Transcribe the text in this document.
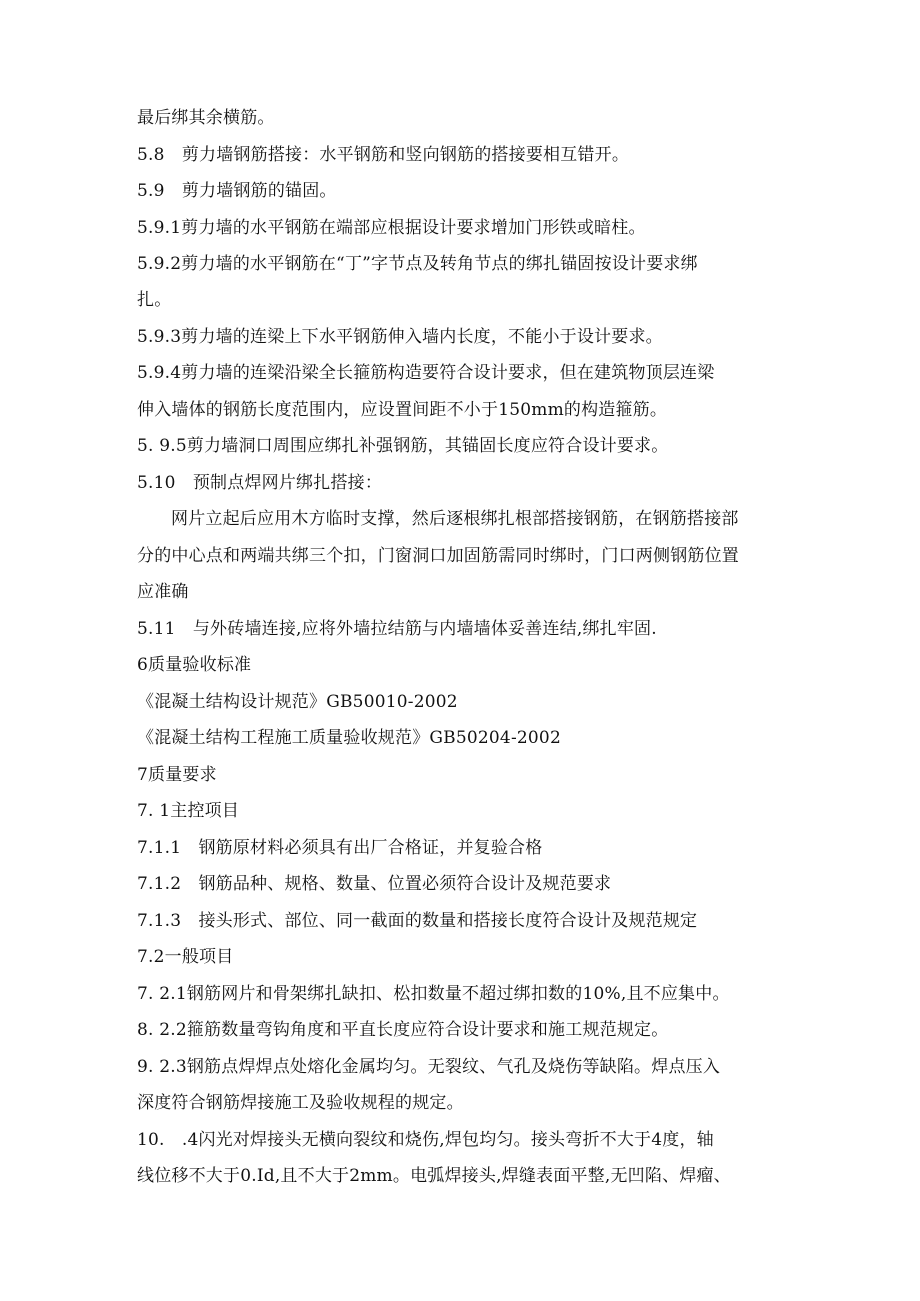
最后绑其余横筋。
5.8　剪力墙钢筋搭接：水平钢筋和竖向钢筋的搭接要相互错开。
5.9　剪力墙钢筋的锚固。
5.9.1剪力墙的水平钢筋在端部应根据设计要求增加门形铁或暗柱。
5.9.2剪力墙的水平钢筋在“丁”字节点及转角节点的绑扎锚固按设计要求绑
扎。
5.9.3剪力墙的连梁上下水平钢筋伸入墙内长度，不能小于设计要求。
5.9.4剪力墙的连梁沿梁全长箍筋构造要符合设计要求，但在建筑物顶层连梁
伸入墙体的钢筋长度范围内，应设置间距不小于150mm的构造箍筋。
5. 9.5剪力墙洞口周围应绑扎补强钢筋，其锚固长度应符合设计要求。
5.10　预制点焊网片绑扎搭接：
网片立起后应用木方临时支撑，然后逐根绑扎根部搭接钢筋，在钢筋搭接部
分的中心点和两端共绑三个扣，门窗洞口加固筋需同时绑时，门口两侧钢筋位置
应准确
5.11　与外砖墙连接,应将外墙拉结筋与内墙墙体妥善连结,绑扎牢固.
6质量验收标准
《混凝土结构设计规范》GB50010-2002
《混凝土结构工程施工质量验收规范》GB50204-2002
7质量要求
7. 1主控项目
7.1.1　钢筋原材料必须具有出厂合格证，并复验合格
7.1.2　钢筋品种、规格、数量、位置必须符合设计及规范要求
7.1.3　接头形式、部位、同一截面的数量和搭接长度符合设计及规范规定
7.2一般项目
7. 2.1钢筋网片和骨架绑扎缺扣、松扣数量不超过绑扣数的10%,且不应集中。
8. 2.2箍筋数量弯钩角度和平直长度应符合设计要求和施工规范规定。
9. 2.3钢筋点焊焊点处熔化金属均匀。无裂纹、气孔及烧伤等缺陷。焊点压入
深度符合钢筋焊接施工及验收规程的规定。
10.　.4闪光对焊接头无横向裂纹和烧伤,焊包均匀。接头弯折不大于4度，轴
线位移不大于0.Id,且不大于2mm。电弧焊接头,焊缝表面平整,无凹陷、焊瘤、
